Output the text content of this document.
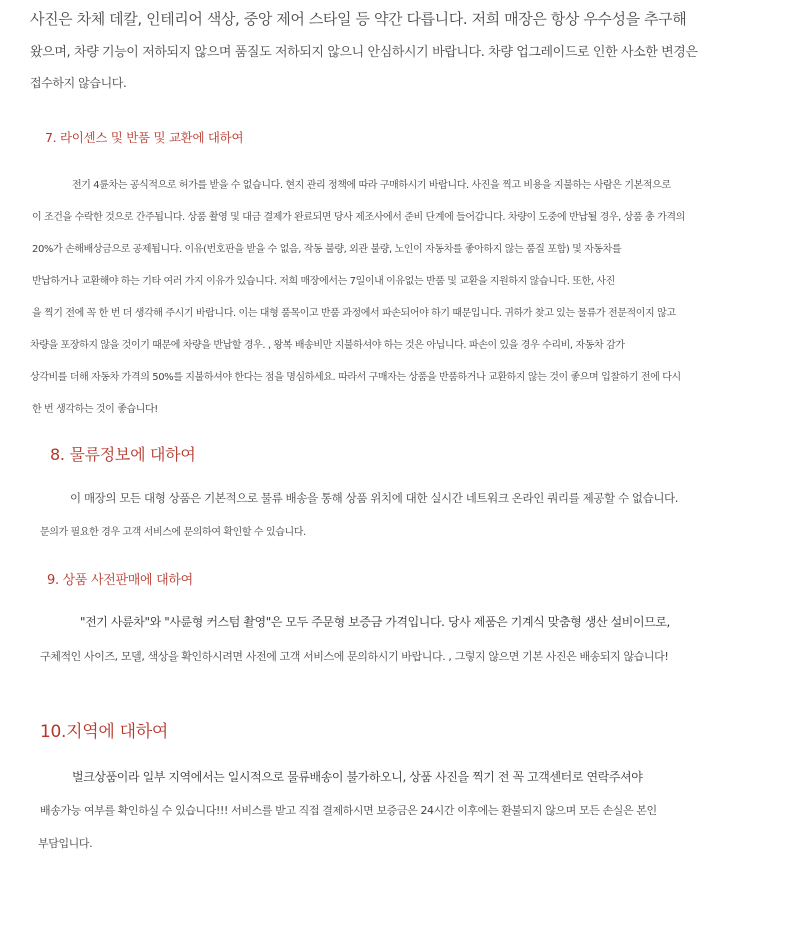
사진은 차체 데칼, 인테리어 색상, 중앙 제어 스타일 등 약간 다릅니다. 저희 매장은 항상 우수성을 추구해
왔으며, 차량 기능이 저하되지 않으며 품질도 저하되지 않으니 안심하시기 바랍니다. 차량 업그레이드로 인한 사소한 변경은
접수하지 않습니다.
7. 라이센스 및 반품 및 교환에 대하여
전기 4륜차는 공식적으로 허가를 받을 수 없습니다. 현지 관리 정책에 따라 구매하시기 바랍니다. 사진을 찍고 비용을 지불하는 사람은 기본적으로
이 조건을 수락한 것으로 간주됩니다. 상품 촬영 및 대금 결제가 완료되면 당사 제조사에서 준비 단계에 들어갑니다. 차량이 도중에 반납될 경우, 상품 총 가격의
20%가 손해배상금으로 공제됩니다. 이유(번호판을 받을 수 없음, 작동 불량, 외관 불량, 노인이 자동차를 좋아하지 않는 품질 포함) 및 자동차를
반납하거나 교환해야 하는 기타 여러 가지 이유가 있습니다. 저희 매장에서는 7일이내 이유없는 반품 및 교환을 지원하지 않습니다. 또한, 사진
을 찍기 전에 꼭 한 번 더 생각해 주시기 바랍니다. 이는 대형 품목이고 반품 과정에서 파손되어야 하기 때문입니다. 귀하가 찾고 있는 물류가 전문적이지 않고
차량을 포장하지 않을 것이기 때문에 차량을 반납할 경우. , 왕복 배송비만 지불하셔야 하는 것은 아닙니다. 파손이 있을 경우 수리비, 자동차 감가
상각비를 더해 자동차 가격의 50%를 지불하셔야 한다는 점을 명심하세요. 따라서 구매자는 상품을 반품하거나 교환하지 않는 것이 좋으며 입찰하기 전에 다시
한 번 생각하는 것이 좋습니다!
8. 물류정보에 대하여
이 매장의 모든 대형 상품은 기본적으로 물류 배송을 통해 상품 위치에 대한 실시간 네트워크 온라인 쿼리를 제공할 수 없습니다.
문의가 필요한 경우 고객 서비스에 문의하여 확인할 수 있습니다.
9. 상품 사전판매에 대하여
"전기 사륜차"와 "사륜형 커스텀 촬영"은 모두 주문형 보증금 가격입니다. 당사 제품은 기계식 맞춤형 생산 설비이므로,
구체적인 사이즈, 모델, 색상을 확인하시려면 사전에 고객 서비스에 문의하시기 바랍니다. , 그렇지 않으면 기본 사진은 배송되지 않습니다!
10.지역에 대하여
벌크상품이라 일부 지역에서는 일시적으로 물류배송이 불가하오니, 상품 사진을 찍기 전 꼭 고객센터로 연락주셔야
배송가능 여부를 확인하실 수 있습니다!!! 서비스를 받고 직접 결제하시면 보증금은 24시간 이후에는 환불되지 않으며 모든 손실은 본인
부담입니다.
